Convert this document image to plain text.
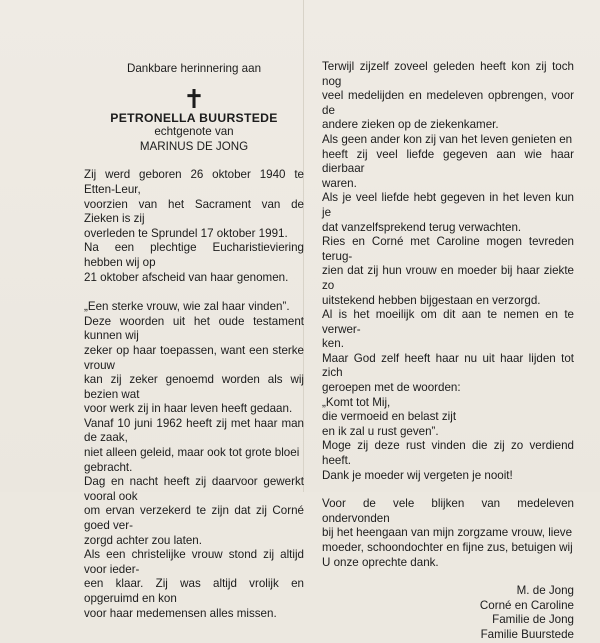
Dankbare herinnering aan
✝
PETRONELLA BUURSTEDE
echtgenote van
MARINUS DE JONG
Zij werd geboren 26 oktober 1940 te Etten-Leur,
voorzien van het Sacrament van de Zieken is zij
overleden te Sprundel 17 oktober 1991.
Na een plechtige Eucharistieviering hebben wij op
21 oktober afscheid van haar genomen.
„Een sterke vrouw, wie zal haar vinden”.
Deze woorden uit het oude testament kunnen wij
zeker op haar toepassen, want een sterke vrouw
kan zij zeker genoemd worden als wij bezien wat
voor werk zij in haar leven heeft gedaan.
Vanaf 10 juni 1962 heeft zij met haar man de zaak,
niet alleen geleid, maar ook tot grote bloei
gebracht.
Dag en nacht heeft zij daarvoor gewerkt vooral ook
om ervan verzekerd te zijn dat zij Corné goed ver-
zorgd achter zou laten.
Als een christelijke vrouw stond zij altijd voor ieder-
een klaar. Zij was altijd vrolijk en opgeruimd en kon
voor haar medemensen alles missen.
Terwijl zijzelf zoveel geleden heeft kon zij toch nog
veel medelijden en medeleven opbrengen, voor de
andere zieken op de ziekenkamer.
Als geen ander kon zij van het leven genieten en
heeft zij veel liefde gegeven aan wie haar dierbaar
waren.
Als je veel liefde hebt gegeven in het leven kun je
dat vanzelfsprekend terug verwachten.
Ries en Corné met Caroline mogen tevreden terug-
zien dat zij hun vrouw en moeder bij haar ziekte zo
uitstekend hebben bijgestaan en verzorgd.
Al is het moeilijk om dit aan te nemen en te verwer-
ken.
Maar God zelf heeft haar nu uit haar lijden tot zich
geroepen met de woorden:
„Komt tot Mij,
die vermoeid en belast zijt
en ik zal u rust geven”.
Moge zij deze rust vinden die zij zo verdiend heeft.
Dank je moeder wij vergeten je nooit!
Voor de vele blijken van medeleven ondervonden
bij het heengaan van mijn zorgzame vrouw, lieve
moeder, schoondochter en fijne zus, betuigen wij
U onze oprechte dank.
M. de Jong
Corné en Caroline
Familie de Jong
Familie Buurstede
